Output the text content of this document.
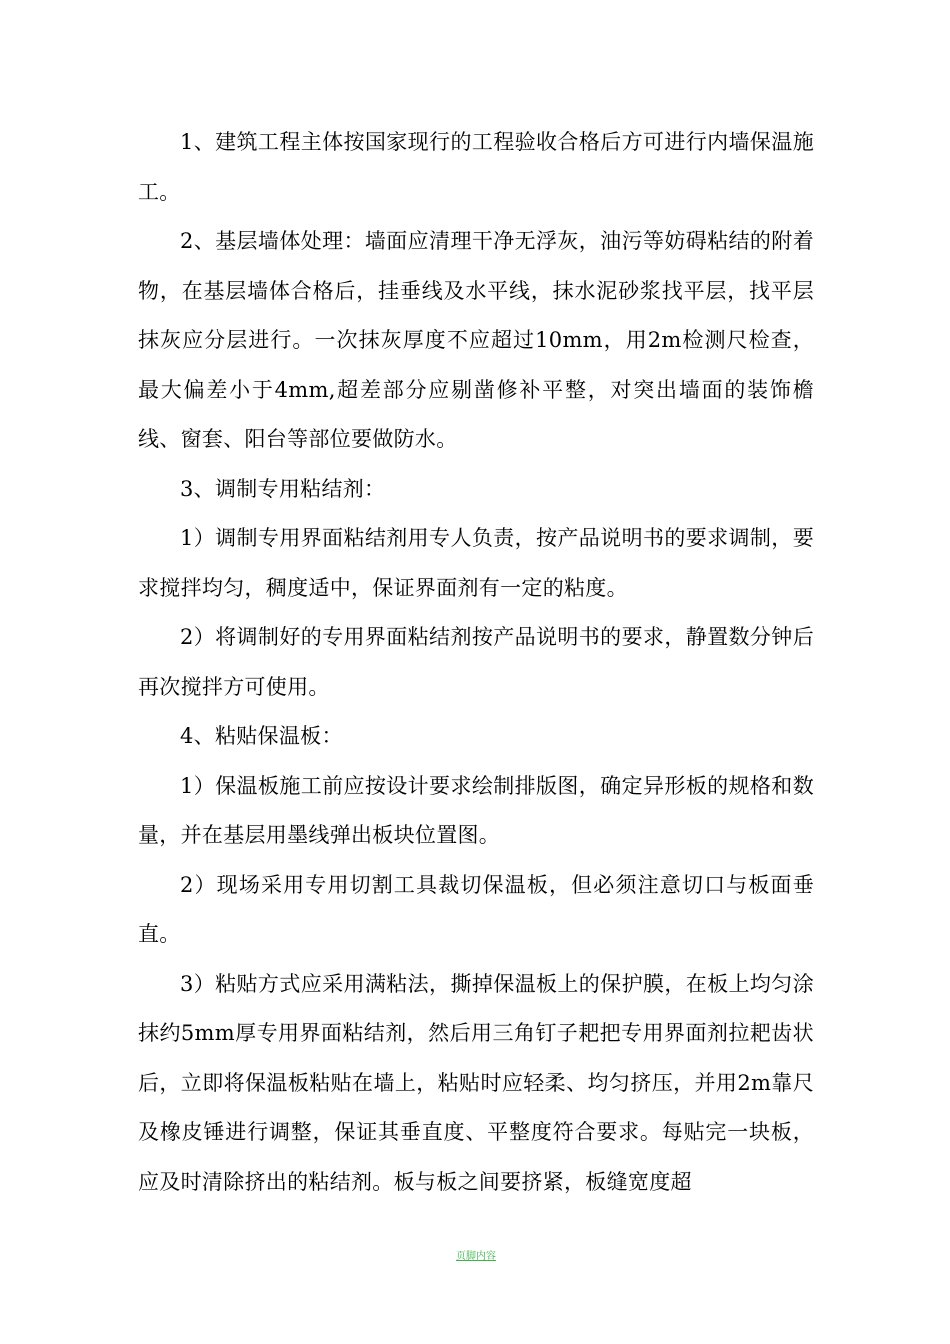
1、建筑工程主体按国家现行的工程验收合格后方可进行内墙保温施工。

2、基层墙体处理：墙面应清理干净无浮灰，油污等妨碍粘结的附着物，在基层墙体合格后，挂垂线及水平线，抹水泥砂浆找平层，找平层抹灰应分层进行。一次抹灰厚度不应超过10mm，用2m检测尺检查，最大偏差小于4mm,超差部分应剔凿修补平整，对突出墙面的装饰檐线、窗套、阳台等部位要做防水。

3、调制专用粘结剂：

1）调制专用界面粘结剂用专人负责，按产品说明书的要求调制，要求搅拌均匀，稠度适中，保证界面剂有一定的粘度。

2）将调制好的专用界面粘结剂按产品说明书的要求，静置数分钟后再次搅拌方可使用。

4、粘贴保温板：

1）保温板施工前应按设计要求绘制排版图，确定异形板的规格和数量，并在基层用墨线弹出板块位置图。

2）现场采用专用切割工具裁切保温板，但必须注意切口与板面垂直。

3）粘贴方式应采用满粘法，撕掉保温板上的保护膜，在板上均匀涂抹约5mm厚专用界面粘结剂，然后用三角钉子耙把专用界面剂拉耙齿状后，立即将保温板粘贴在墙上，粘贴时应轻柔、均匀挤压，并用2m靠尺及橡皮锤进行调整，保证其垂直度、平整度符合要求。每贴完一块板，应及时清除挤出的粘结剂。板与板之间要挤紧，板缝宽度超

页脚内容
